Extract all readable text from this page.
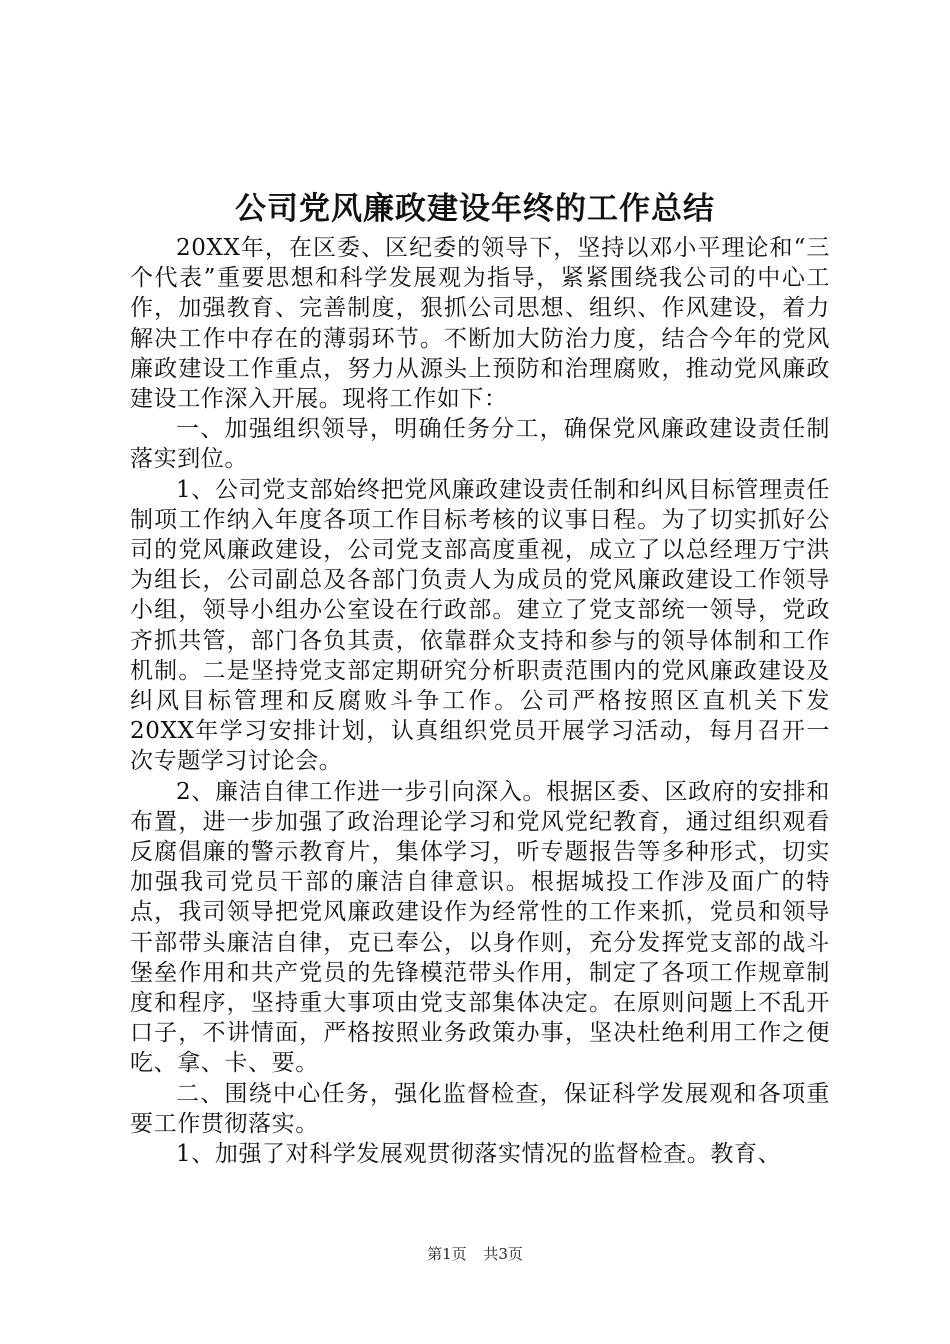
公司党风廉政建设年终的工作总结

20XX年，在区委、区纪委的领导下，坚持以邓小平理论和“三个代表”重要思想和科学发展观为指导，紧紧围绕我公司的中心工作，加强教育、完善制度，狠抓公司思想、组织、作风建设，着力解决工作中存在的薄弱环节。不断加大防治力度，结合今年的党风廉政建设工作重点，努力从源头上预防和治理腐败，推动党风廉政建设工作深入开展。现将工作如下：

一、加强组织领导，明确任务分工，确保党风廉政建设责任制落实到位。

1、公司党支部始终把党风廉政建设责任制和纠风目标管理责任制项工作纳入年度各项工作目标考核的议事日程。为了切实抓好公司的党风廉政建设，公司党支部高度重视，成立了以总经理万宁洪为组长，公司副总及各部门负责人为成员的党风廉政建设工作领导小组，领导小组办公室设在行政部。建立了党支部统一领导，党政齐抓共管，部门各负其责，依靠群众支持和参与的领导体制和工作机制。二是坚持党支部定期研究分析职责范围内的党风廉政建设及纠风目标管理和反腐败斗争工作。公司严格按照区直机关下发20XX年学习安排计划，认真组织党员开展学习活动，每月召开一次专题学习讨论会。

2、廉洁自律工作进一步引向深入。根据区委、区政府的安排和布置，进一步加强了政治理论学习和党风党纪教育，通过组织观看反腐倡廉的警示教育片，集体学习，听专题报告等多种形式，切实加强我司党员干部的廉洁自律意识。根据城投工作涉及面广的特点，我司领导把党风廉政建设作为经常性的工作来抓，党员和领导干部带头廉洁自律，克已奉公，以身作则，充分发挥党支部的战斗堡垒作用和共产党员的先锋模范带头作用，制定了各项工作规章制度和程序，坚持重大事项由党支部集体决定。在原则问题上不乱开口子，不讲情面，严格按照业务政策办事，坚决杜绝利用工作之便吃、拿、卡、要。

二、围绕中心任务，强化监督检查，保证科学发展观和各项重要工作贯彻落实。

1、加强了对科学发展观贯彻落实情况的监督检查。教育、

第1页 共3页
